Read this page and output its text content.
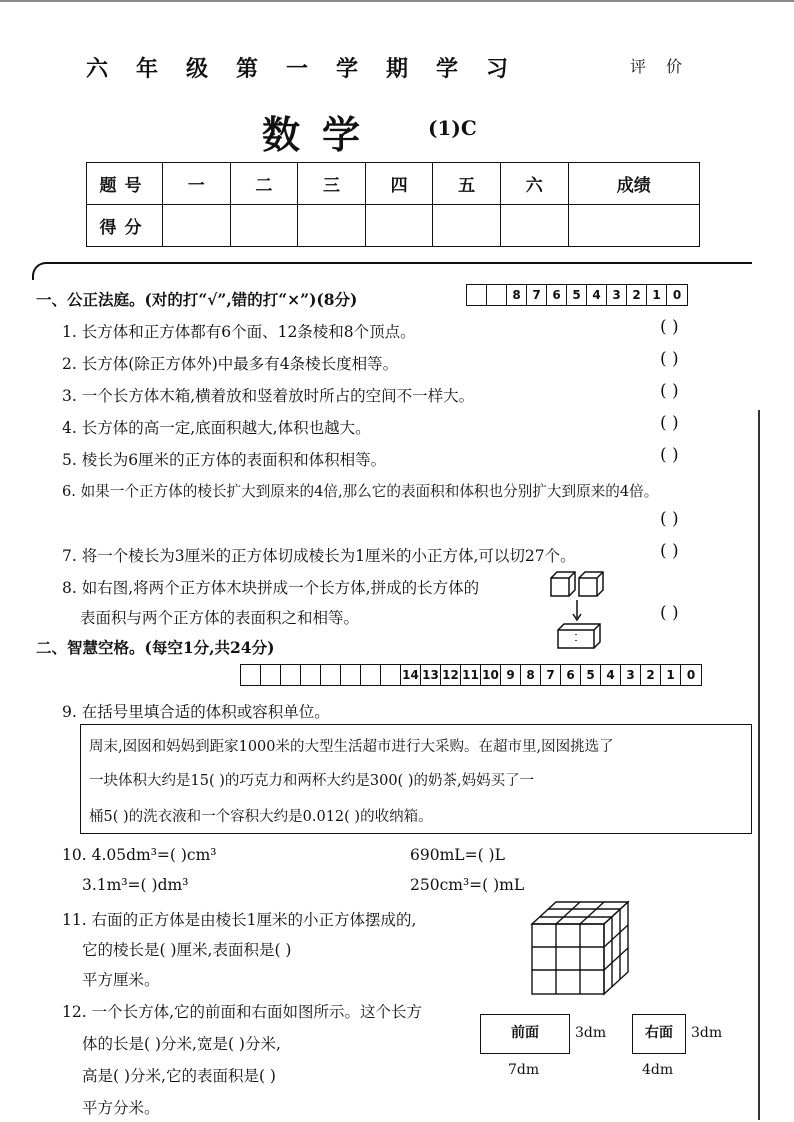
六年级第一学期学习	评价
数学 (1)C
题号	一	二	三	四	五	六	成绩
得分							
一、公正法庭。(对的打“√”,错的打“×”)(8分)	8 7 6 5 4 3 2 1	0
1. 长方体和正方体都有6个面、12条棱和8个顶点。	( )
2. 长方体(除正方体外)中最多有4条棱长度相等。	( )
3. 一个长方体木箱,横着放和竖着放时所占的空间不一样大。	( )
4. 长方体的高一定,底面积越大,体积也越大。	( )
5. 棱长为6厘米的正方体的表面积和体积相等。	( )
6. 如果一个正方体的棱长扩大到原来的4倍,那么它的表面积和体积也分别扩大到原来的4倍。
( )
7. 将一个棱长为3厘米的正方体切成棱长为1厘米的小正方体,可以切27个。	( )
8. 如右图,将两个正方体木块拼成一个长方体,拼成的长方体的
表面积与两个正方体的表面积之和相等。	( )
二、智慧空格。(每空1分,共24分)
14 13 12 11 10 9 8 7 6 5 4 3 2 1	0
9. 在括号里填合适的体积或容积单位。
周末,囡囡和妈妈到距家1000米的大型生活超市进行大采购。在超市里,囡囡挑选了
一块体积大约是15( )的巧克力和两杯大约是300( )的奶茶,妈妈买了一
桶5( )的洗衣液和一个容积大约是0.012( )的收纳箱。
10. 4.05dm³=( )cm³	690mL=( )L
3.1m³=( )dm³	250cm³=( )mL
11. 右面的正方体是由棱长1厘米的小正方体摆成的,
它的棱长是( )厘米,表面积是( )
平方厘米。
12. 一个长方体,它的前面和右面如图所示。这个长方
体的长是( )分米,宽是( )分米,
高是( )分米,它的表面积是( )
平方分米。
前面	3dm
7dm
右面	3dm
4dm
